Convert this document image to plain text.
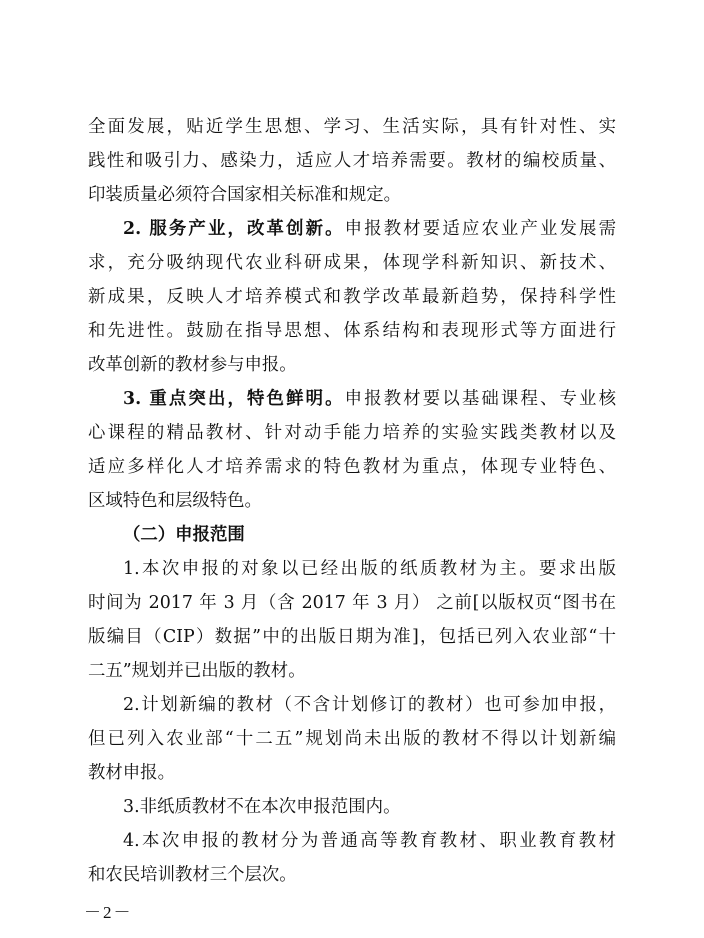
全面发展，贴近学生思想、学习、生活实际，具有针对性、实
践性和吸引力、感染力，适应人才培养需要。教材的编校质量、
印装质量必须符合国家相关标准和规定。
2. 服务产业，改革创新。申报教材要适应农业产业发展需
求，充分吸纳现代农业科研成果，体现学科新知识、新技术、
新成果，反映人才培养模式和教学改革最新趋势，保持科学性
和先进性。鼓励在指导思想、体系结构和表现形式等方面进行
改革创新的教材参与申报。
3. 重点突出，特色鲜明。申报教材要以基础课程、专业核
心课程的精品教材、针对动手能力培养的实验实践类教材以及
适应多样化人才培养需求的特色教材为重点，体现专业特色、
区域特色和层级特色。
（二）申报范围
1.本次申报的对象以已经出版的纸质教材为主。要求出版
时间为 2017 年 3 月（含 2017 年 3 月） 之前[以版权页“图书在
版编目（CIP）数据”中的出版日期为准]，包括已列入农业部“十
二五”规划并已出版的教材。
2.计划新编的教材（不含计划修订的教材）也可参加申报，
但已列入农业部“十二五”规划尚未出版的教材不得以计划新编
教材申报。
3.非纸质教材不在本次申报范围内。
4.本次申报的教材分为普通高等教育教材、职业教育教材
和农民培训教材三个层次。
－2－
